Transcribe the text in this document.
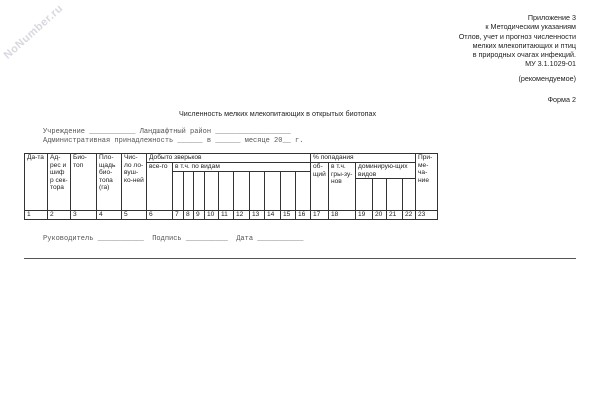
NoNumber.ru	Приложение 3
к Методическим указаниям
Отлов, учет и прогноз численности
мелких млекопитающих и птиц
в природных очагах инфекций.
МУ 3.1.1029-01
(рекомендуемое)
Форма 2
Численность мелких млекопитающих в открытых биотопах
Учреждение ___________ Ландшафтный район __________________
Административная принадлежность ______ в ______ месяце 20__ г.
Да-та	Ад-рес и шиф р сек-тора	Био-топ	Пло-щадь био-топа (га)	Чис-ло ло-вуш-ко-ней	Добыто зверьков											% попадания						При-ме-ча-ние
					все-го	в т.ч. по видам										об-щий	в т.ч. гры-зу-нов	доминирую-щих видов				

1	2	3	4	5	6	7	8	9	10	11	12	13	14	15	16	17	18	19	20	21	22	23
Руководитель ___________  Подпись __________  Дата ___________
